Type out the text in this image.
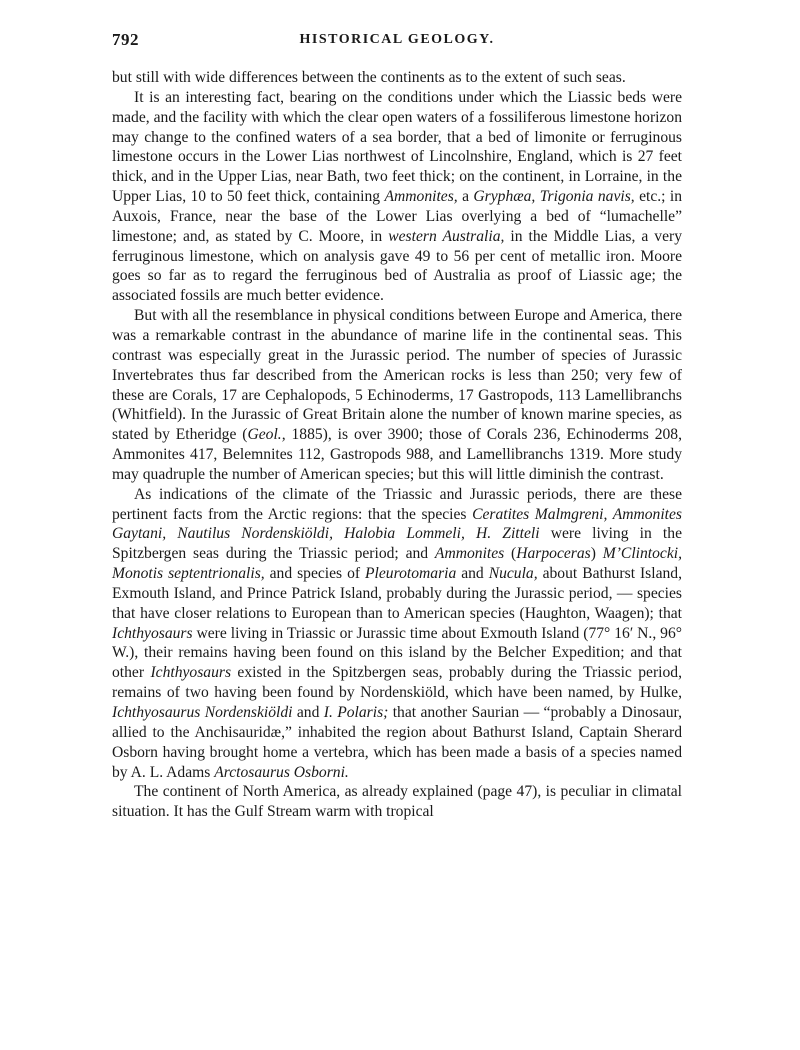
792	HISTORICAL GEOLOGY.

but still with wide differences between the continents as to the extent of such seas.

It is an interesting fact, bearing on the conditions under which the Liassic beds were made, and the facility with which the clear open waters of a fossiliferous limestone horizon may change to the confined waters of a sea border, that a bed of limonite or ferruginous limestone occurs in the Lower Lias northwest of Lincolnshire, England, which is 27 feet thick, and in the Upper Lias, near Bath, two feet thick; on the continent, in Lorraine, in the Upper Lias, 10 to 50 feet thick, containing Ammonites, a Gryphæa, Trigonia navis, etc.; in Auxois, France, near the base of the Lower Lias overlying a bed of “lumachelle” limestone; and, as stated by C. Moore, in western Australia, in the Middle Lias, a very ferruginous limestone, which on analysis gave 49 to 56 per cent of metallic iron. Moore goes so far as to regard the ferruginous bed of Australia as proof of Liassic age; the associated fossils are much better evidence.

But with all the resemblance in physical conditions between Europe and America, there was a remarkable contrast in the abundance of marine life in the continental seas. This contrast was especially great in the Jurassic period. The number of species of Jurassic Invertebrates thus far described from the American rocks is less than 250; very few of these are Corals, 17 are Cephalopods, 5 Echinoderms, 17 Gastropods, 113 Lamellibranchs (Whitfield). In the Jurassic of Great Britain alone the number of known marine species, as stated by Etheridge (Geol., 1885), is over 3900; those of Corals 236, Echinoderms 208, Ammonites 417, Belemnites 112, Gastropods 988, and Lamellibranchs 1319. More study may quadruple the number of American species; but this will little diminish the contrast.

As indications of the climate of the Triassic and Jurassic periods, there are these pertinent facts from the Arctic regions: that the species Ceratites Malmgreni, Ammonites Gaytani, Nautilus Nordenskiöldi, Halobia Lommeli, H. Zitteli were living in the Spitzbergen seas during the Triassic period; and Ammonites (Harpoceras) M’Clintocki, Monotis septentrionalis, and species of Pleurotomaria and Nucula, about Bathurst Island, Exmouth Island, and Prince Patrick Island, probably during the Jurassic period, — species that have closer relations to European than to American species (Haughton, Waagen); that Ichthyosaurs were living in Triassic or Jurassic time about Exmouth Island (77° 16′ N., 96° W.), their remains having been found on this island by the Belcher Expedition; and that other Ichthyosaurs existed in the Spitzbergen seas, probably during the Triassic period, remains of two having been found by Nordenskiöld, which have been named, by Hulke, Ichthyosaurus Nordenskiöldi and I. Polaris; that another Saurian — “probably a Dinosaur, allied to the Anchisauridæ,” inhabited the region about Bathurst Island, Captain Sherard Osborn having brought home a vertebra, which has been made a basis of a species named by A. L. Adams Arctosaurus Osborni.

The continent of North America, as already explained (page 47), is peculiar in climatal situation. It has the Gulf Stream warm with tropical
